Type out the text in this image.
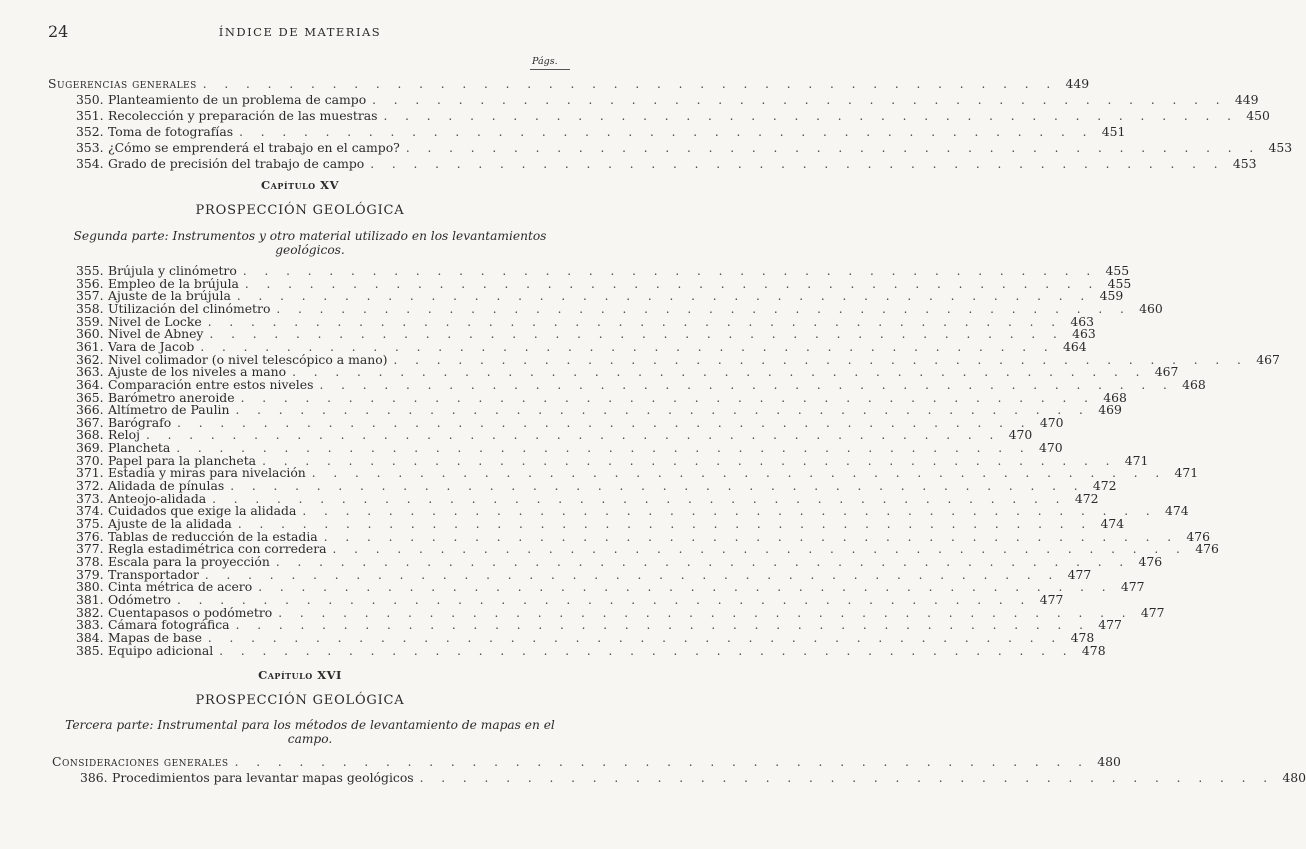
24	ÍNDICE DE MATERIAS
Págs.
Sugerencias generales . . . . . . . . . . . . . . . . . . . . . . . . . . . . . . . . . . . . . . . . 449
350. Planteamiento de un problema de campo . . . . . . . . . . . . . . . . . . . . . . . . . . . . . . . . . . . . . . . . 449
351. Recolección y preparación de las muestras . . . . . . . . . . . . . . . . . . . . . . . . . . . . . . . . . . . . . . . . 450
352. Toma de fotografías . . . . . . . . . . . . . . . . . . . . . . . . . . . . . . . . . . . . . . . . 451
353. ¿Cómo se emprenderá el trabajo en el campo? . . . . . . . . . . . . . . . . . . . . . . . . . . . . . . . . . . . . . . . . 453
354. Grado de precisión del trabajo de campo . . . . . . . . . . . . . . . . . . . . . . . . . . . . . . . . . . . . . . . . 453
Capítulo XV
PROSPECCIÓN GEOLÓGICA
Segunda parte: Instrumentos y otro material utilizado en los levantamientos geológicos.
355. Brújula y clinómetro . . . . . . . . . . . . . . . . . . . . . . . . . . . . . . . . . . . . . . . . 455
356. Empleo de la brújula . . . . . . . . . . . . . . . . . . . . . . . . . . . . . . . . . . . . . . . . 455
357. Ajuste de la brújula . . . . . . . . . . . . . . . . . . . . . . . . . . . . . . . . . . . . . . . . 459
358. Utilización del clinómetro . . . . . . . . . . . . . . . . . . . . . . . . . . . . . . . . . . . . . . . . 460
359. Nivel de Locke . . . . . . . . . . . . . . . . . . . . . . . . . . . . . . . . . . . . . . . . 463
360. Nivel de Abney . . . . . . . . . . . . . . . . . . . . . . . . . . . . . . . . . . . . . . . . 463
361. Vara de Jacob . . . . . . . . . . . . . . . . . . . . . . . . . . . . . . . . . . . . . . . . 464
362. Nivel colimador (o nivel telescópico a mano) . . . . . . . . . . . . . . . . . . . . . . . . . . . . . . . . . . . . . . . . 467
363. Ajuste de los niveles a mano . . . . . . . . . . . . . . . . . . . . . . . . . . . . . . . . . . . . . . . . 467
364. Comparación entre estos niveles . . . . . . . . . . . . . . . . . . . . . . . . . . . . . . . . . . . . . . . . 468
365. Barómetro aneroide . . . . . . . . . . . . . . . . . . . . . . . . . . . . . . . . . . . . . . . . 468
366. Altímetro de Paulin . . . . . . . . . . . . . . . . . . . . . . . . . . . . . . . . . . . . . . . . 469
367. Barógrafo . . . . . . . . . . . . . . . . . . . . . . . . . . . . . . . . . . . . . . . . 470
368. Reloj . . . . . . . . . . . . . . . . . . . . . . . . . . . . . . . . . . . . . . . . 470
369. Plancheta . . . . . . . . . . . . . . . . . . . . . . . . . . . . . . . . . . . . . . . . 470
370. Papel para la plancheta . . . . . . . . . . . . . . . . . . . . . . . . . . . . . . . . . . . . . . . . 471
371. Estadia y miras para nivelación . . . . . . . . . . . . . . . . . . . . . . . . . . . . . . . . . . . . . . . . 471
372. Alidada de pínulas . . . . . . . . . . . . . . . . . . . . . . . . . . . . . . . . . . . . . . . . 472
373. Anteojo-alidada . . . . . . . . . . . . . . . . . . . . . . . . . . . . . . . . . . . . . . . . 472
374. Cuidados que exige la alidada . . . . . . . . . . . . . . . . . . . . . . . . . . . . . . . . . . . . . . . . 474
375. Ajuste de la alidada . . . . . . . . . . . . . . . . . . . . . . . . . . . . . . . . . . . . . . . . 474
376. Tablas de reducción de la estadia . . . . . . . . . . . . . . . . . . . . . . . . . . . . . . . . . . . . . . . . 476
377. Regla estadimétrica con corredera . . . . . . . . . . . . . . . . . . . . . . . . . . . . . . . . . . . . . . . . 476
378. Escala para la proyección . . . . . . . . . . . . . . . . . . . . . . . . . . . . . . . . . . . . . . . . 476
379. Transportador . . . . . . . . . . . . . . . . . . . . . . . . . . . . . . . . . . . . . . . . 477
380. Cinta métrica de acero . . . . . . . . . . . . . . . . . . . . . . . . . . . . . . . . . . . . . . . . 477
381. Odómetro . . . . . . . . . . . . . . . . . . . . . . . . . . . . . . . . . . . . . . . . 477
382. Cuentapasos o podómetro . . . . . . . . . . . . . . . . . . . . . . . . . . . . . . . . . . . . . . . . 477
383. Cámara fotográfica . . . . . . . . . . . . . . . . . . . . . . . . . . . . . . . . . . . . . . . . 477
384. Mapas de base . . . . . . . . . . . . . . . . . . . . . . . . . . . . . . . . . . . . . . . . 478
385. Equipo adicional . . . . . . . . . . . . . . . . . . . . . . . . . . . . . . . . . . . . . . . . 478
Capítulo XVI
PROSPECCIÓN GEOLÓGICA
Tercera parte: Instrumental para los métodos de levantamiento de mapas en el campo.
Consideraciones generales . . . . . . . . . . . . . . . . . . . . . . . . . . . . . . . . . . . . . . . . 480
386. Procedimientos para levantar mapas geológicos . . . . . . . . . . . . . . . . . . . . . . . . . . . . . . . . . . . . . . . . 480
